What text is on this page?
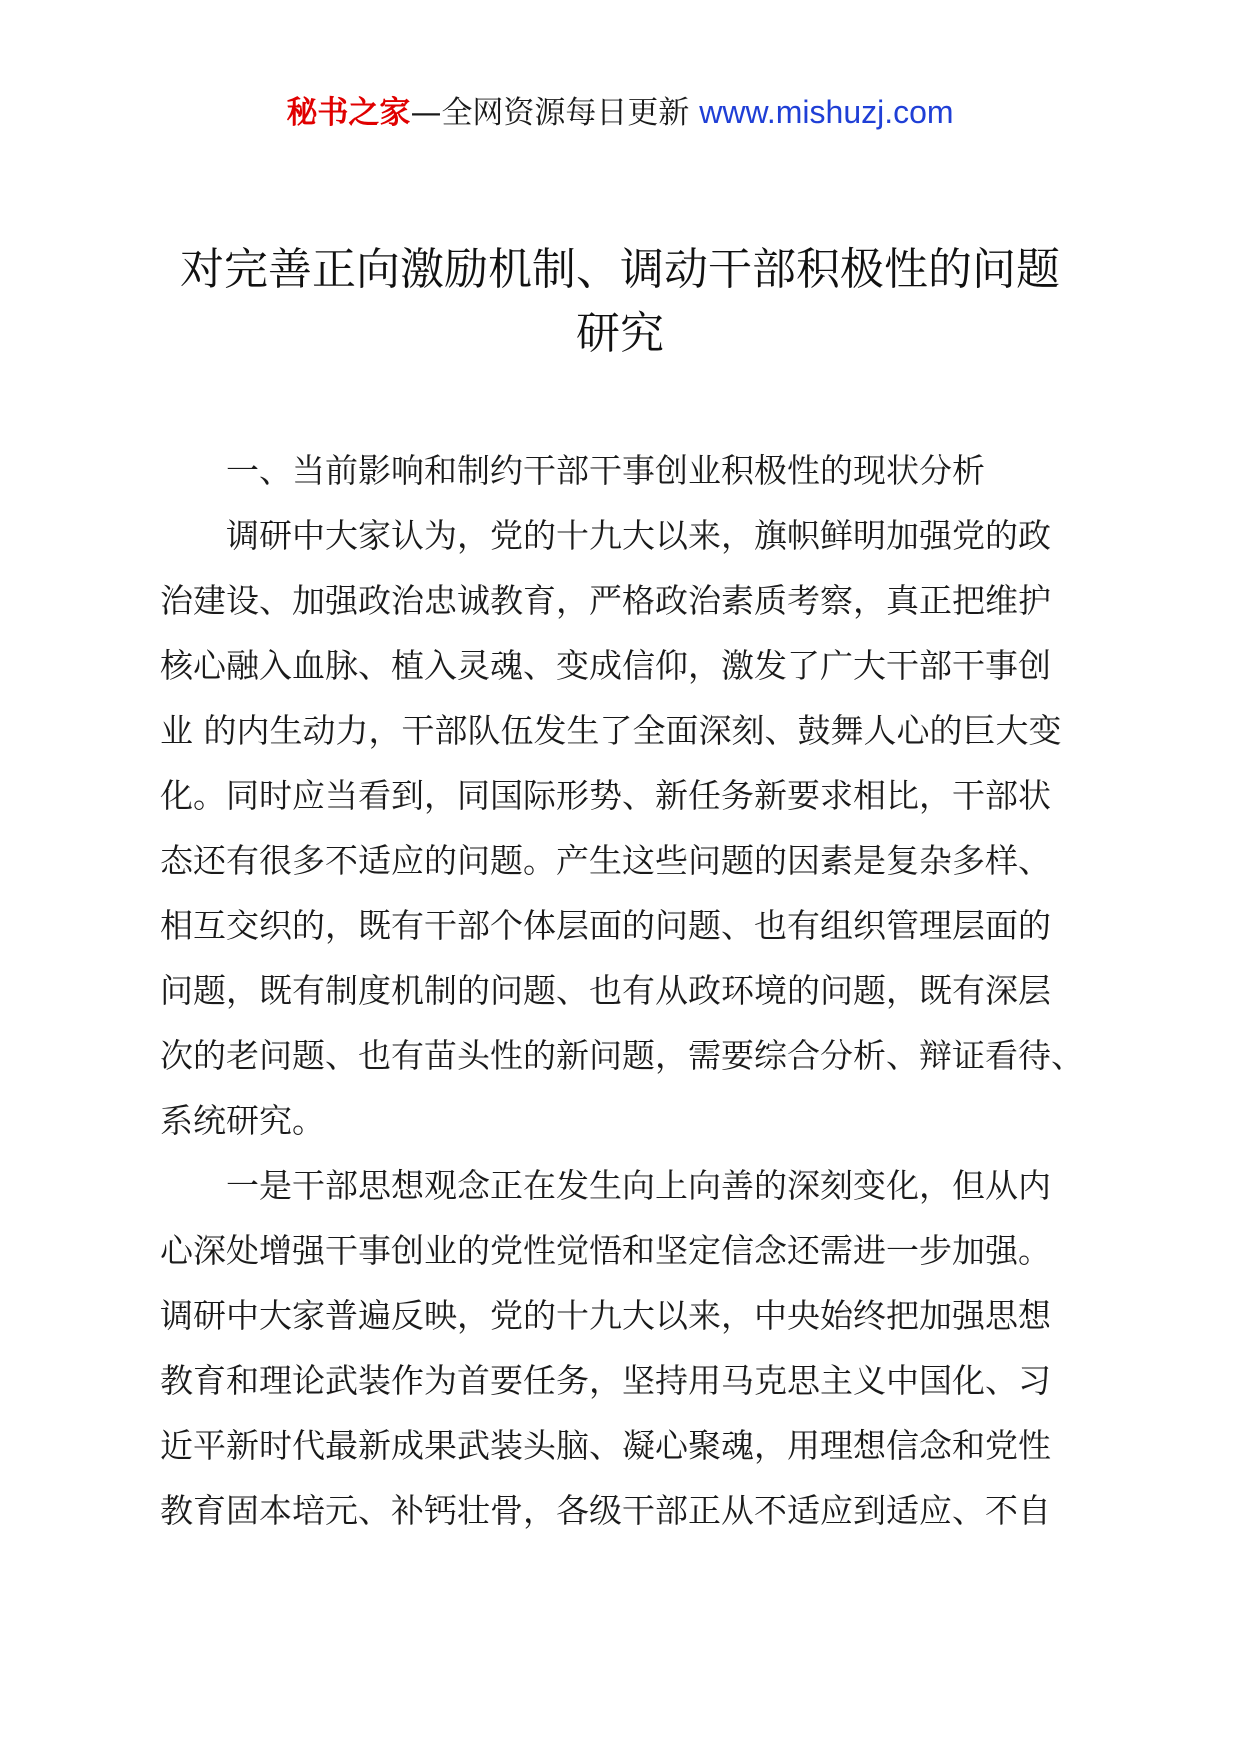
秘书之家—全网资源每日更新 www.mishuzj.com
对完善正向激励机制、调动干部积极性的问题
研究
一、当前影响和制约干部干事创业积极性的现状分析
调研中大家认为，党的十九大以来，旗帜鲜明加强党的政
治建设、加强政治忠诚教育，严格政治素质考察，真正把维护
核心融入血脉、植入灵魂、变成信仰，激发了广大干部干事创
业 的内生动力，干部队伍发生了全面深刻、鼓舞人心的巨大变
化。同时应当看到，同国际形势、新任务新要求相比，干部状
态还有很多不适应的问题。产生这些问题的因素是复杂多样、
相互交织的，既有干部个体层面的问题、也有组织管理层面的
问题，既有制度机制的问题、也有从政环境的问题，既有深层
次的老问题、也有苗头性的新问题，需要综合分析、辩证看待、
系统研究。
一是干部思想观念正在发生向上向善的深刻变化，但从内
心深处增强干事创业的党性觉悟和坚定信念还需进一步加强。
调研中大家普遍反映，党的十九大以来，中央始终把加强思想
教育和理论武装作为首要任务，坚持用马克思主义中国化、习
近平新时代最新成果武装头脑、凝心聚魂，用理想信念和党性
教育固本培元、补钙壮骨，各级干部正从不适应到适应、不自
